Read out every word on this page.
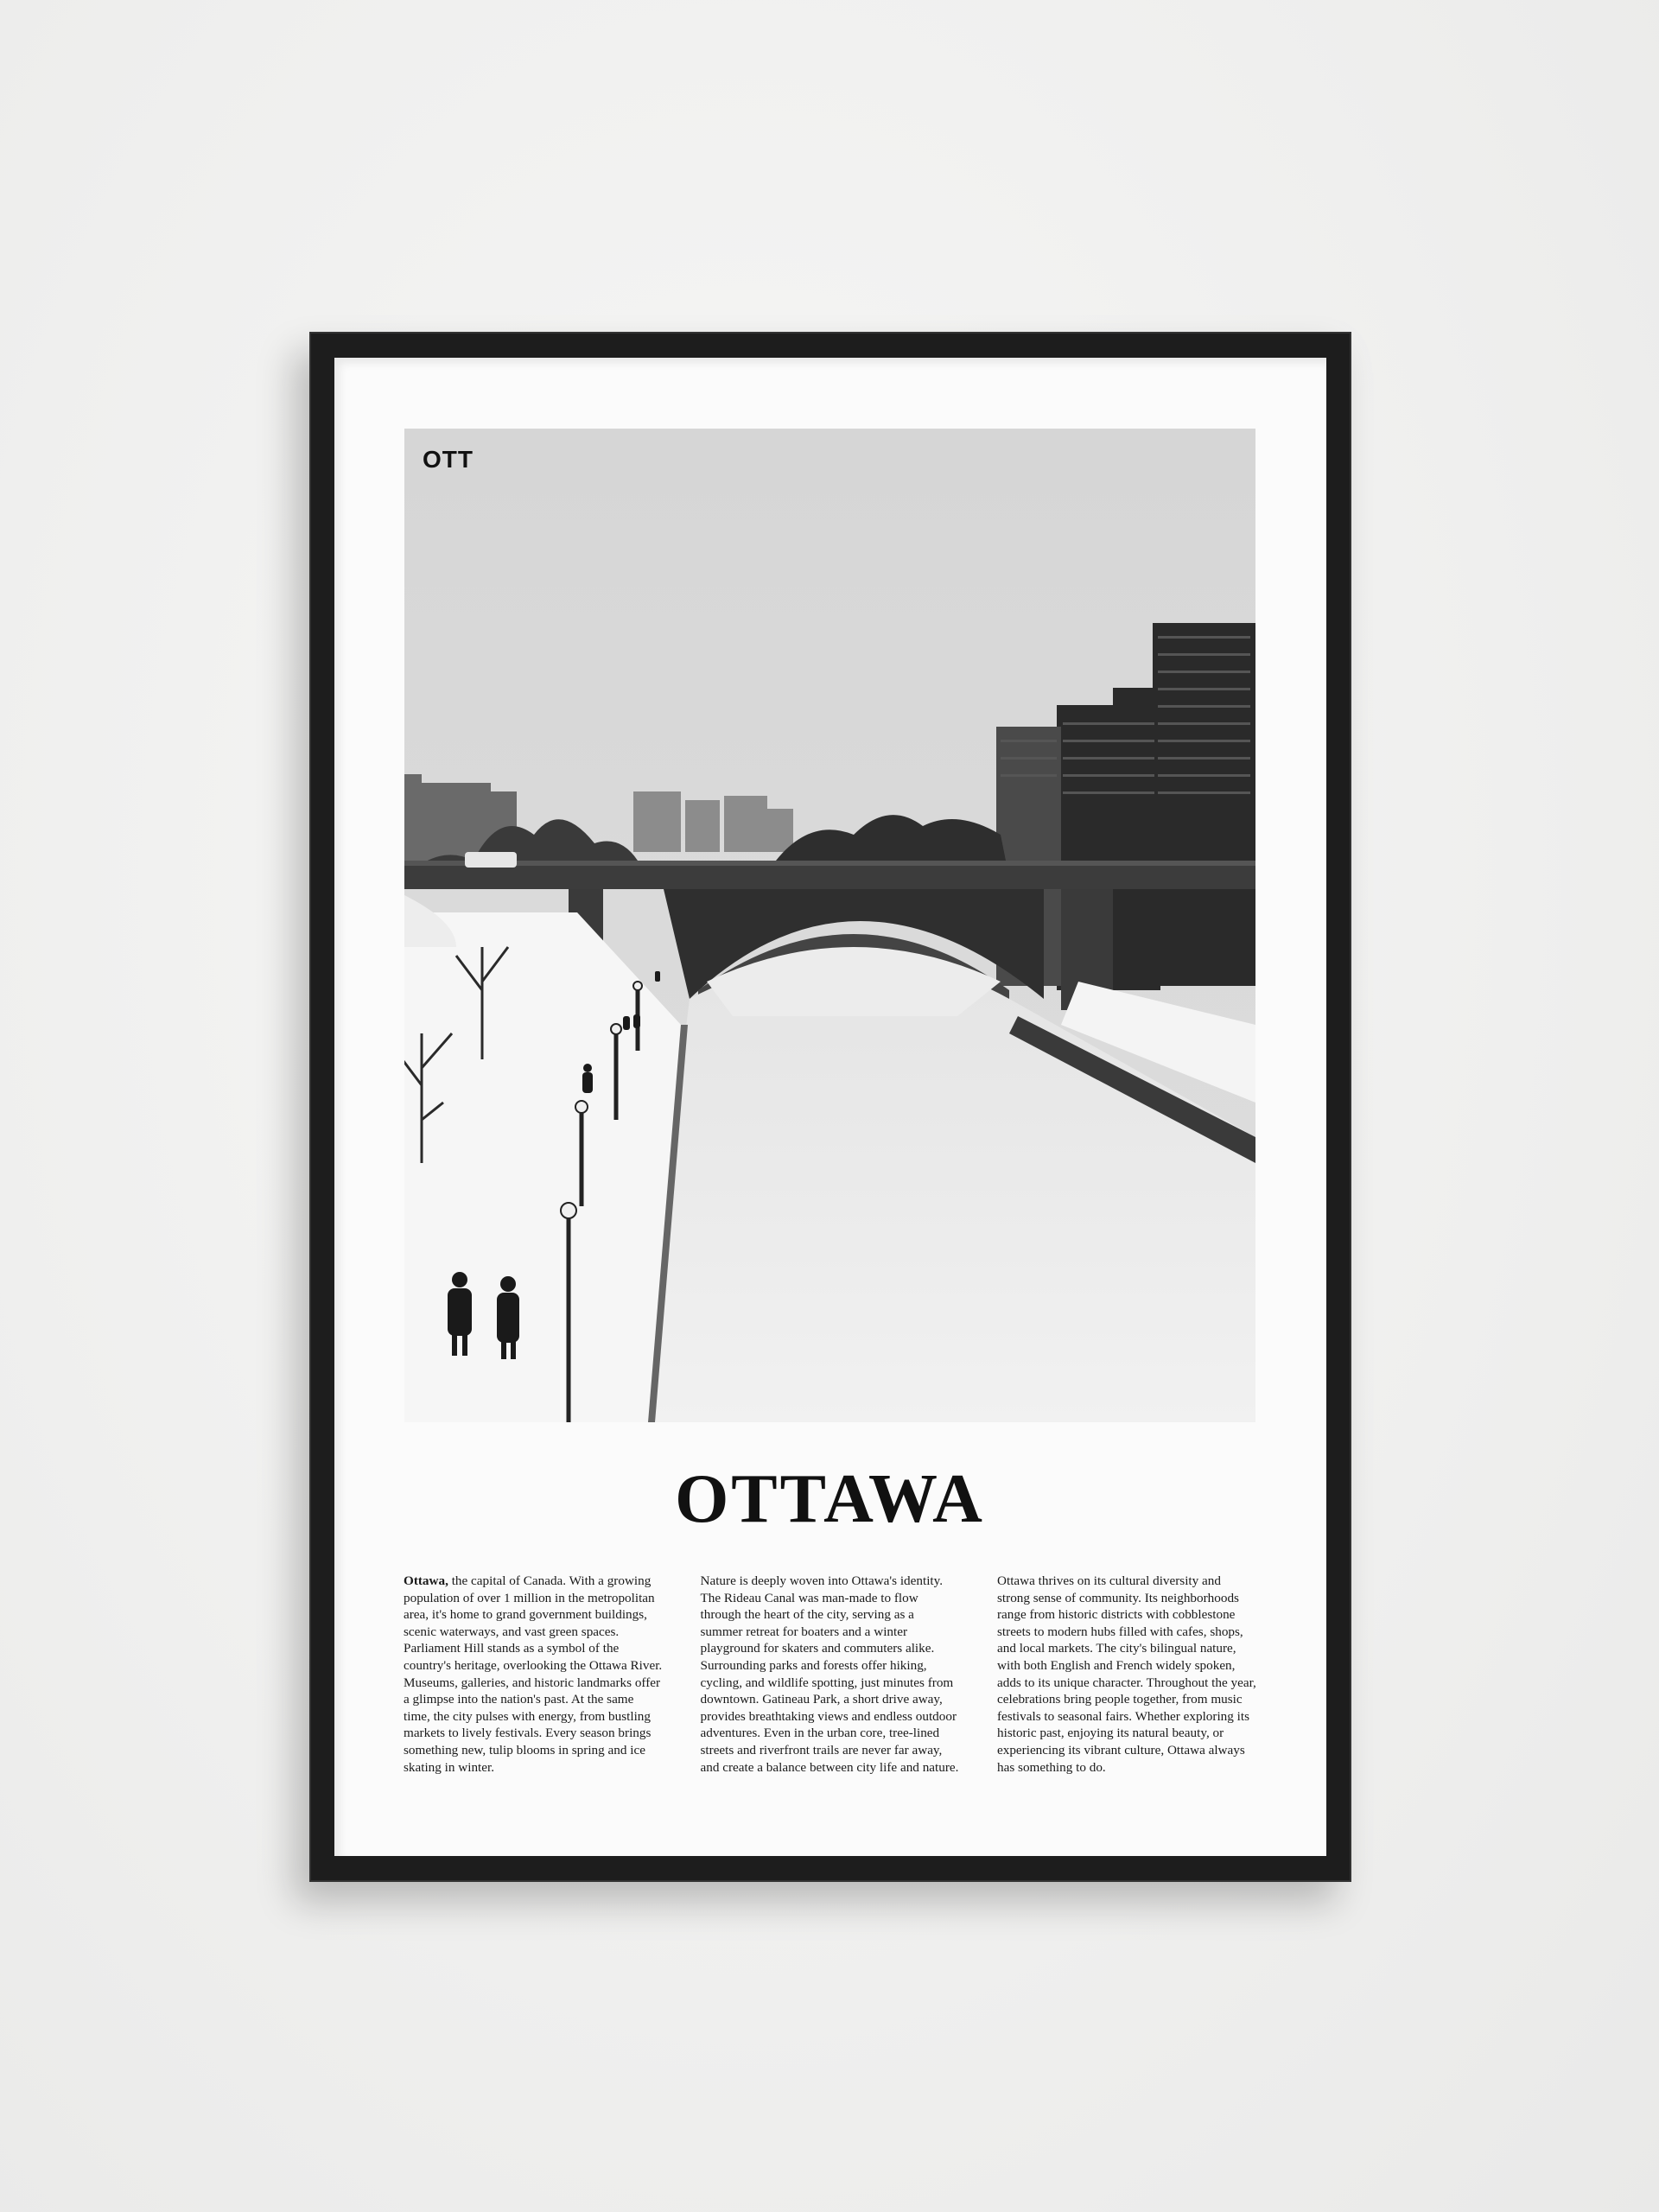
OTT
OTTAWA
Ottawa, the capital of Canada. With a growing population of over 1 million in the metropolitan area, it's home to grand government buildings, scenic waterways, and vast green spaces. Parliament Hill stands as a symbol of the country's heritage, overlooking the Ottawa River. Museums, galleries, and historic landmarks offer a glimpse into the nation's past. At the same time, the city pulses with energy, from bustling markets to lively festivals. Every season brings something new, tulip blooms in spring and ice skating in winter.
Nature is deeply woven into Ottawa's identity. The Rideau Canal was man-made to flow through the heart of the city, serving as a summer retreat for boaters and a winter playground for skaters and commuters alike. Surrounding parks and forests offer hiking, cycling, and wildlife spotting, just minutes from downtown. Gatineau Park, a short drive away, provides breathtaking views and endless outdoor adventures. Even in the urban core, tree-lined streets and riverfront trails are never far away, and create a balance between city life and nature.
Ottawa thrives on its cultural diversity and strong sense of community. Its neighborhoods range from historic districts with cobblestone streets to modern hubs filled with cafes, shops, and local markets. The city's bilingual nature, with both English and French widely spoken, adds to its unique character. Throughout the year, celebrations bring people together, from music festivals to seasonal fairs. Whether exploring its historic past, enjoying its natural beauty, or experiencing its vibrant culture, Ottawa always has something to do.
